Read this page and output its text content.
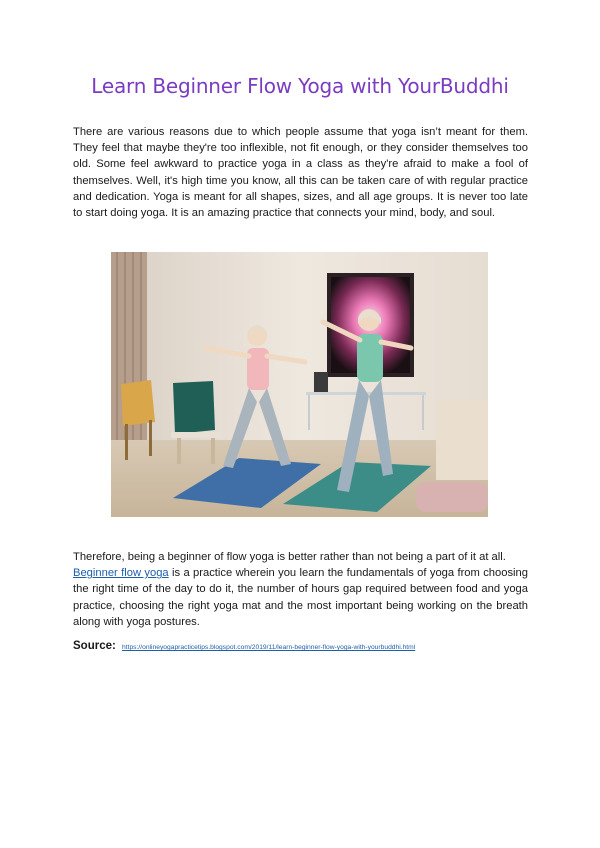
Learn Beginner Flow Yoga with YourBuddhi

There are various reasons due to which people assume that yoga isn’t meant for them. They feel that maybe they're too inflexible, not fit enough, or they consider themselves too old. Some feel awkward to practice yoga in a class as they're afraid to make a fool of themselves. Well, it's high time you know, all this can be taken care of with regular practice and dedication. Yoga is meant for all shapes, sizes, and all age groups. It is never too late to start doing yoga. It is an amazing practice that connects your mind, body, and soul.

Therefore, being a beginner of flow yoga is better rather than not being a part of it at all.
Beginner flow yoga is a practice wherein you learn the fundamentals of yoga from choosing the right time of the day to do it, the number of hours gap required between food and yoga practice, choosing the right yoga mat and the most important being working on the breath along with yoga postures.

Source: https://onlineyogapracticetips.blogspot.com/2019/11/learn-beginner-flow-yoga-with-yourbuddhi.html
